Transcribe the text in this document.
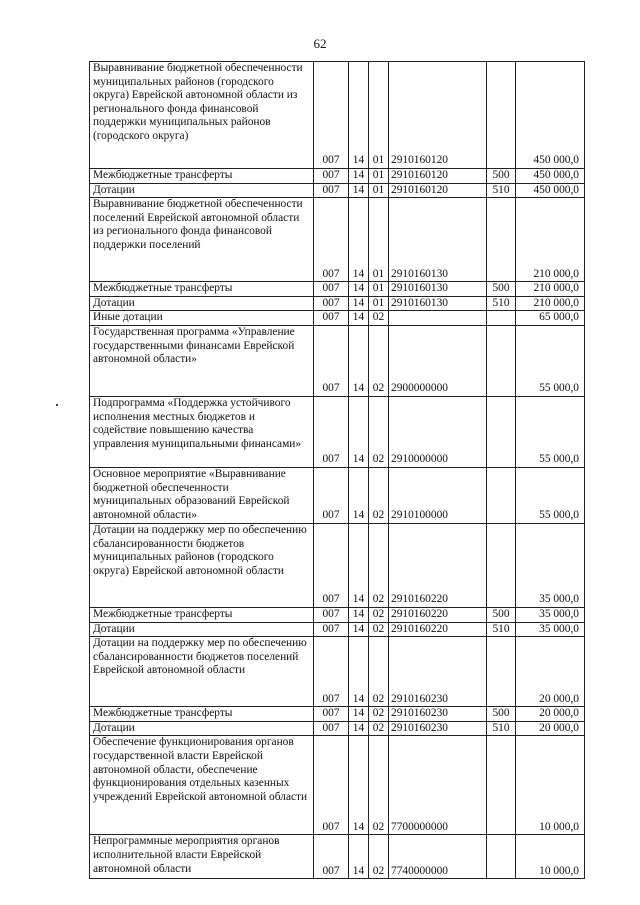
62
Выравнивание бюджетной обеспеченности муниципальных районов (городского округа) Еврейской автономной области из регионального фонда финансовой поддержки муниципальных районов (городского округа)	007	14	01	2910160120		450 000,0
Межбюджетные трансферты	007	14	01	2910160120	500	450 000,0
Дотации	007	14	01	2910160120	510	450 000,0
Выравнивание бюджетной обеспеченности поселений Еврейской автономной области из регионального фонда финансовой поддержки поселений	007	14	01	2910160130		210 000,0
Межбюджетные трансферты	007	14	01	2910160130	500	210 000,0
Дотации	007	14	01	2910160130	510	210 000,0
Иные дотации	007	14	02			65 000,0
Государственная программа «Управление государственными финансами Еврейской автономной области»	007	14	02	2900000000		55 000,0
Подпрограмма «Поддержка устойчивого исполнения местных бюджетов и содействие повышению качества управления муниципальными финансами»	007	14	02	2910000000		55 000,0
Основное мероприятие «Выравнивание бюджетной обеспеченности муниципальных образований Еврейской автономной области»	007	14	02	2910100000		55 000,0
Дотации на поддержку мер по обеспечению сбалансированности бюджетов муниципальных районов (городского округа) Еврейской автономной области	007	14	02	2910160220		35 000,0
Межбюджетные трансферты	007	14	02	2910160220	500	35 000,0
Дотации	007	14	02	2910160220	510	35 000,0
Дотации на поддержку мер по обеспечению сбалансированности бюджетов поселений Еврейской автономной области	007	14	02	2910160230		20 000,0
Межбюджетные трансферты	007	14	02	2910160230	500	20 000,0
Дотации	007	14	02	2910160230	510	20 000,0
Обеспечение функционирования органов государственной власти Еврейской автономной области, обеспечение функционирования отдельных казенных учреждений Еврейской автономной области	007	14	02	7700000000		10 000,0
Непрограммные мероприятия органов исполнительной власти Еврейской автономной области	007	14	02	7740000000		10 000,0
